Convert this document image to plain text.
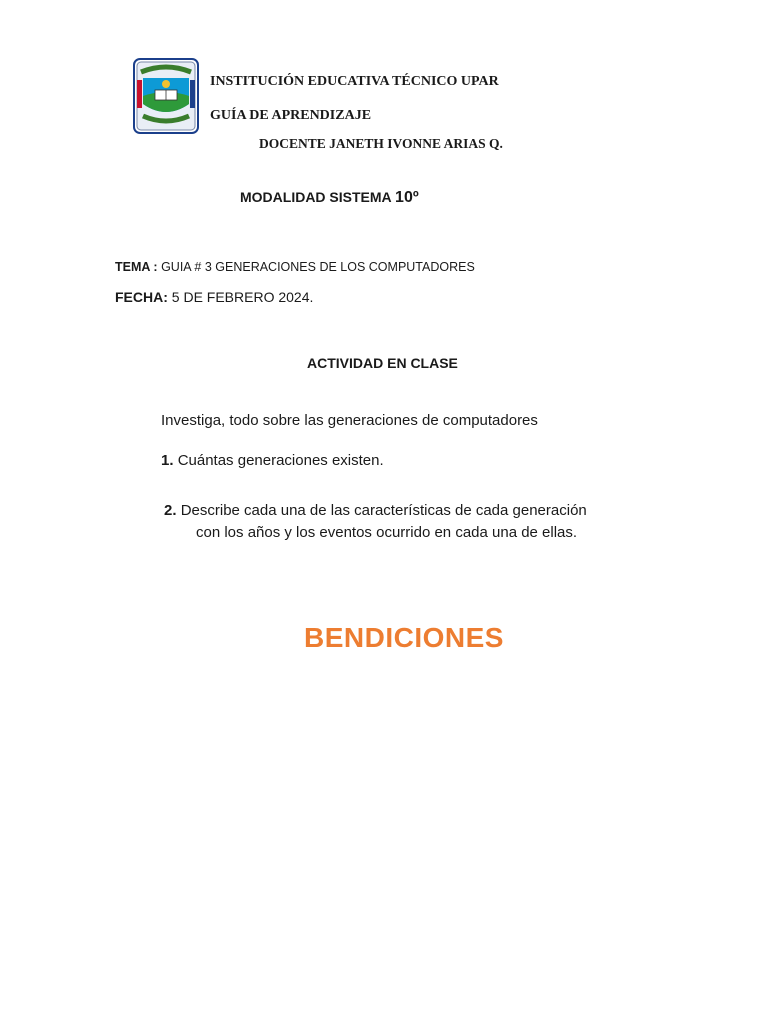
INSTITUCIÓN EDUCATIVA TÉCNICO UPAR
GUÍA DE APRENDIZAJE
DOCENTE JANETH IVONNE ARIAS Q.
MODALIDAD SISTEMA 10º
TEMA : GUIA # 3 GENERACIONES DE LOS COMPUTADORES
FECHA: 5 DE FEBRERO 2024.
ACTIVIDAD EN CLASE
Investiga, todo sobre las generaciones de computadores
1. Cuántas generaciones existen.
2. Describe cada una de las características de cada generación
con los años y los eventos ocurrido en cada una de ellas.
BENDICIONES
